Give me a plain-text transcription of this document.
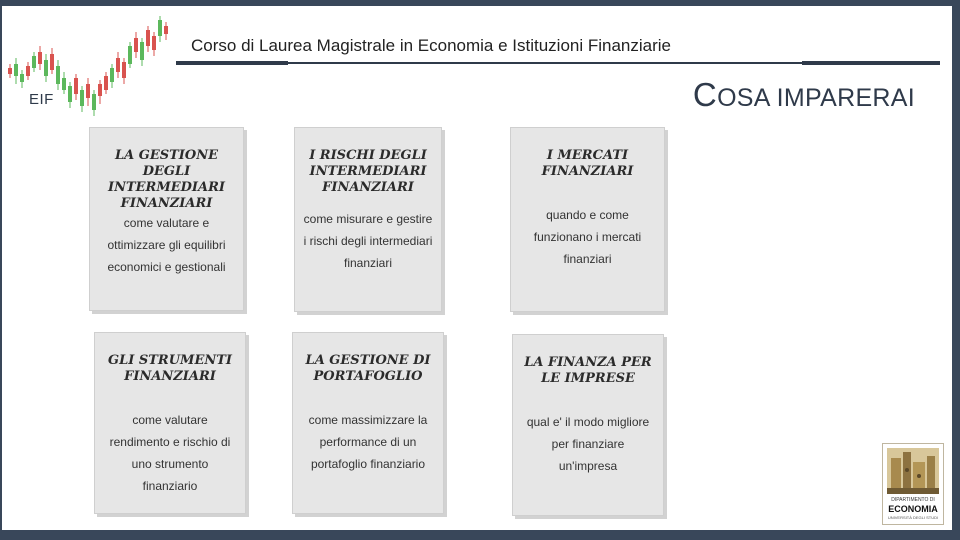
EIF
Corso di Laurea Magistrale in Economia e Istituzioni Finanziarie
COSA IMPARERAI
LA GESTIONE DEGLI INTERMEDIARI FINANZIARI
come valutare e ottimizzare gli equilibri economici e gestionali
I RISCHI DEGLI INTERMEDIARI FINANZIARI
come misurare e gestire i rischi degli intermediari finanziari
I MERCATI FINANZIARI
quando e come funzionano i mercati finanziari
GLI STRUMENTI FINANZIARI
come valutare rendimento e rischio di uno strumento finanziario
LA GESTIONE DI PORTAFOGLIO
come massimizzare la performance di un portafoglio finanziario
LA FINANZA PER LE IMPRESE
qual e' il modo migliore per finanziare un'impresa
DIPARTIMENTO DI
ECONOMIA
UNIVERSITÀ DEGLI STUDI
